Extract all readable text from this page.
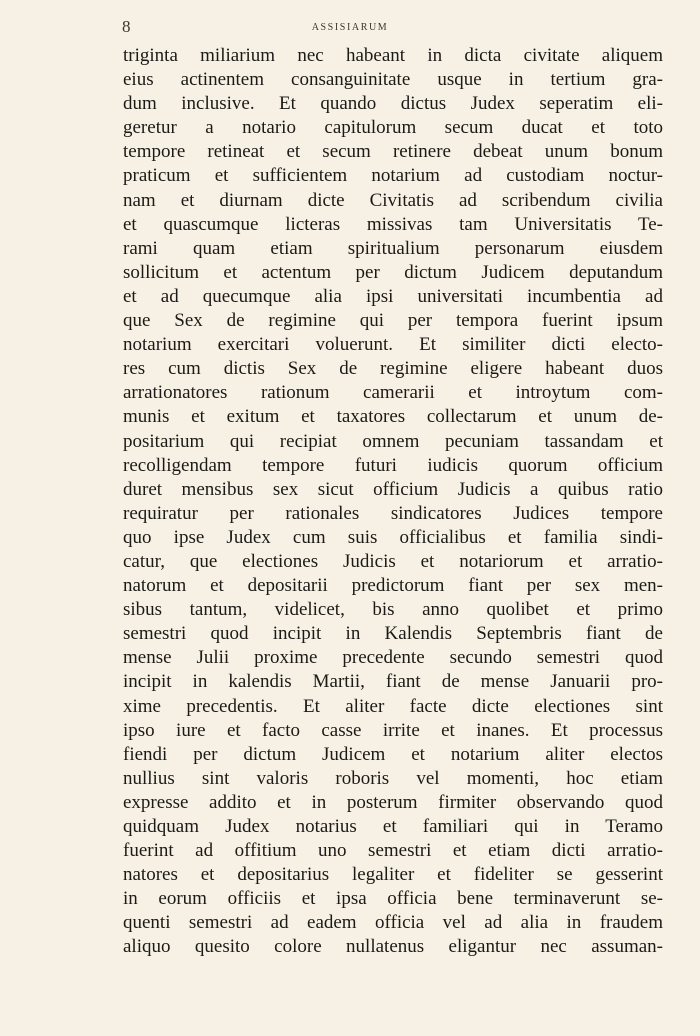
8	ASSISIARUM
triginta miliarium nec habeant in dicta civitate aliquem
eius actinentem consanguinitate usque in tertium gra-
dum inclusive. Et quando dictus Judex seperatim eli-
geretur a notario capitulorum secum ducat et toto
tempore retineat et secum retinere debeat unum bonum
praticum et sufficientem notarium ad custodiam noctur-
nam et diurnam dicte Civitatis ad scribendum civilia
et quascumque licteras missivas tam Universitatis Te-
rami quam etiam spiritualium personarum eiusdem
sollicitum et actentum per dictum Judicem deputandum
et ad quecumque alia ipsi universitati incumbentia ad
que Sex de regimine qui per tempora fuerint ipsum
notarium exercitari voluerunt. Et similiter dicti electo-
res cum dictis Sex de regimine eligere habeant duos
arrationatores rationum camerarii et introytum com-
munis et exitum et taxatores collectarum et unum de-
positarium qui recipiat omnem pecuniam tassandam et
recolligendam tempore futuri iudicis quorum officium
duret mensibus sex sicut officium Judicis a quibus ratio
requiratur per rationales sindicatores Judices tempore
quo ipse Judex cum suis officialibus et familia sindi-
catur, que electiones Judicis et notariorum et arratio-
natorum et depositarii predictorum fiant per sex men-
sibus tantum, videlicet, bis anno quolibet et primo
semestri quod incipit in Kalendis Septembris fiant de
mense Julii proxime precedente secundo semestri quod
incipit in kalendis Martii, fiant de mense Januarii pro-
xime precedentis. Et aliter facte dicte electiones sint
ipso iure et facto casse irrite et inanes. Et processus
fiendi per dictum Judicem et notarium aliter electos
nullius sint valoris roboris vel momenti, hoc etiam
expresse addito et in posterum firmiter observando quod
quidquam Judex notarius et familiari qui in Teramo
fuerint ad offitium uno semestri et etiam dicti arratio-
natores et depositarius legaliter et fideliter se gesserint
in eorum officiis et ipsa officia bene terminaverunt se-
quenti semestri ad eadem officia vel ad alia in fraudem
aliquo quesito colore nullatenus eligantur nec assuman-
